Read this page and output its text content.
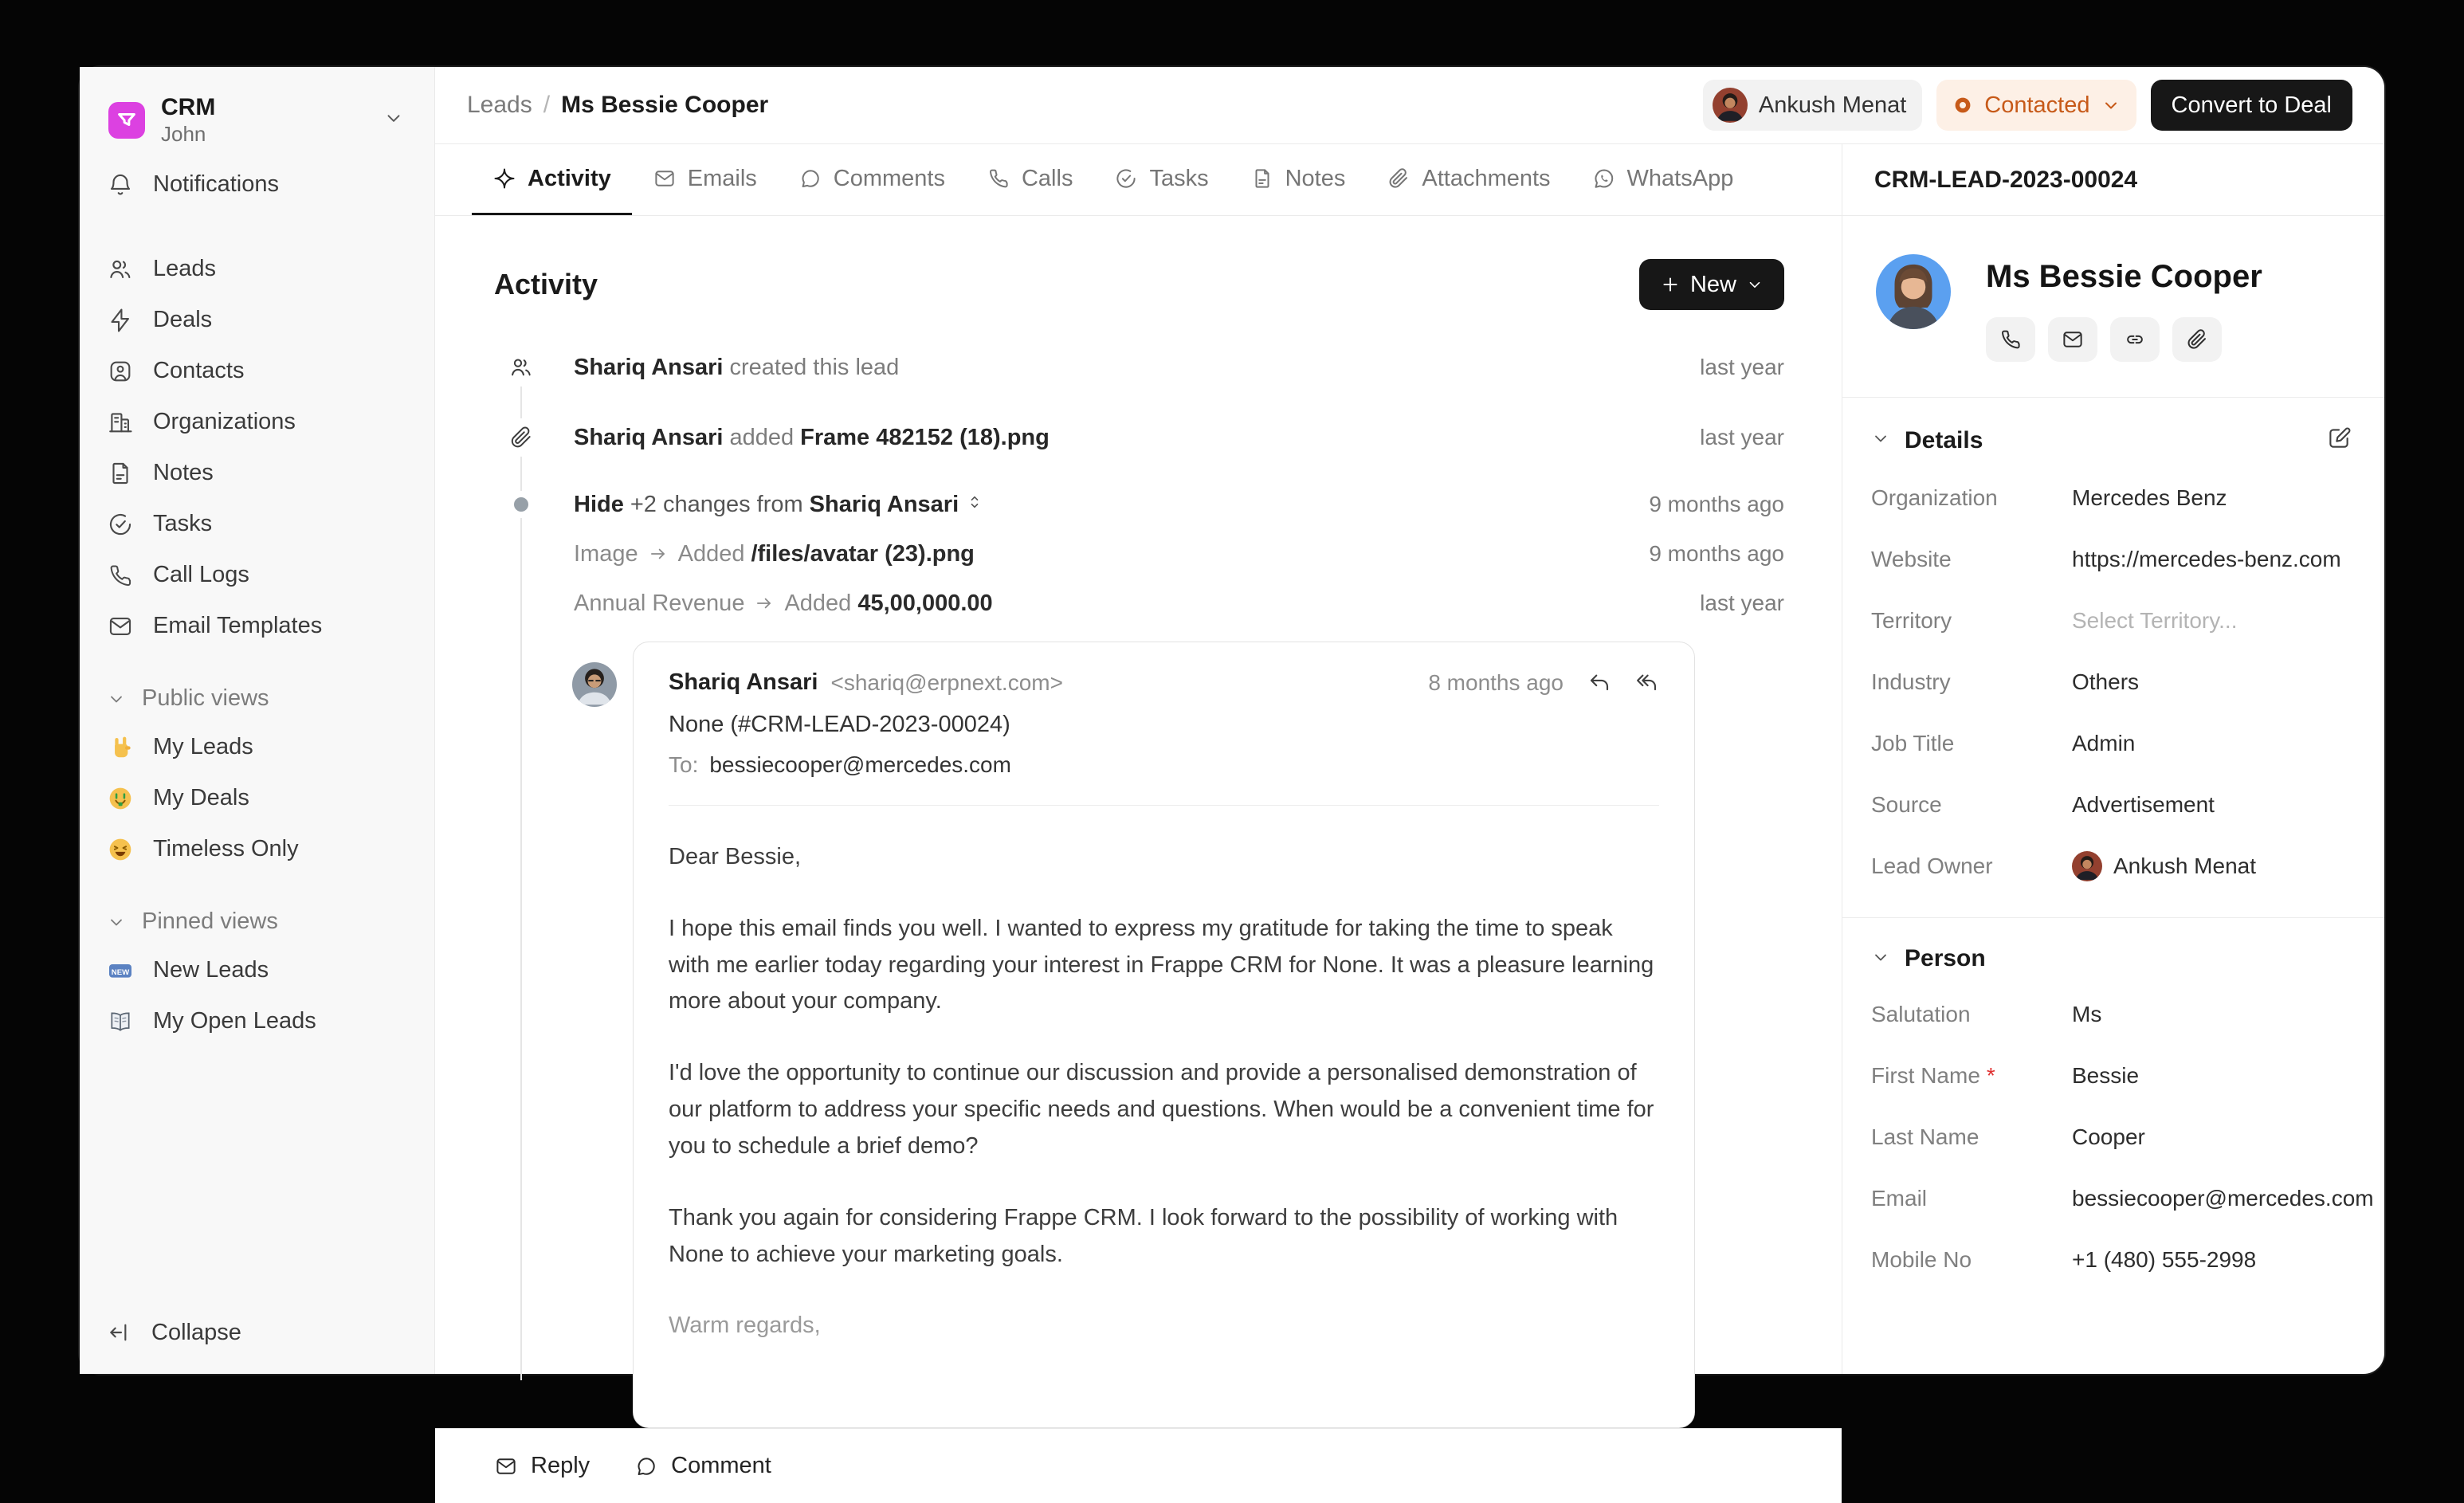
CRM
John
Notifications
Leads
Deals
Contacts
Organizations
Notes
Tasks
Call Logs
Email Templates
Public views
My Leads
My Deals
Timeless Only
Pinned views
NEW New Leads
My Open Leads
Collapse
Leads / Ms Bessie Cooper	Ankush Menat	Contacted	Convert to Deal
Activity	Emails	Comments	Calls	Tasks	Notes	Attachments	WhatsApp
Activity	New
Shariq Ansari created this lead	last year
Shariq Ansari added Frame 482152 (18).png	last year
Hide +2 changes from Shariq Ansari	9 months ago
Image Added /files/avatar (23).png	9 months ago
Annual Revenue Added 45,00,000.00	last year
Shariq Ansari <shariq@erpnext.com>	8 months ago
None (#CRM-LEAD-2023-00024)
To: bessiecooper@mercedes.com

Dear Bessie,

I hope this email finds you well. I wanted to express my gratitude for taking the time to speak with me earlier today regarding your interest in Frappe CRM for None. It was a pleasure learning more about your company.

I'd love the opportunity to continue our discussion and provide a personalised demonstration of our platform to address your specific needs and questions. When would be a convenient time for you to schedule a brief demo?

Thank you again for considering Frappe CRM. I look forward to the possibility of working with None to achieve your marketing goals.

Warm regards,

Reply	Comment
CRM-LEAD-2023-00024
Ms Bessie Cooper
Details
Organization	Mercedes Benz
Website	https://mercedes-benz.com
Territory	Select Territory...
Industry	Others
Job Title	Admin
Source	Advertisement
Lead Owner	Ankush Menat
Person
Salutation	Ms
First Name *	Bessie
Last Name	Cooper
Email	bessiecooper@mercedes.com
Mobile No	+1 (480) 555-2998
